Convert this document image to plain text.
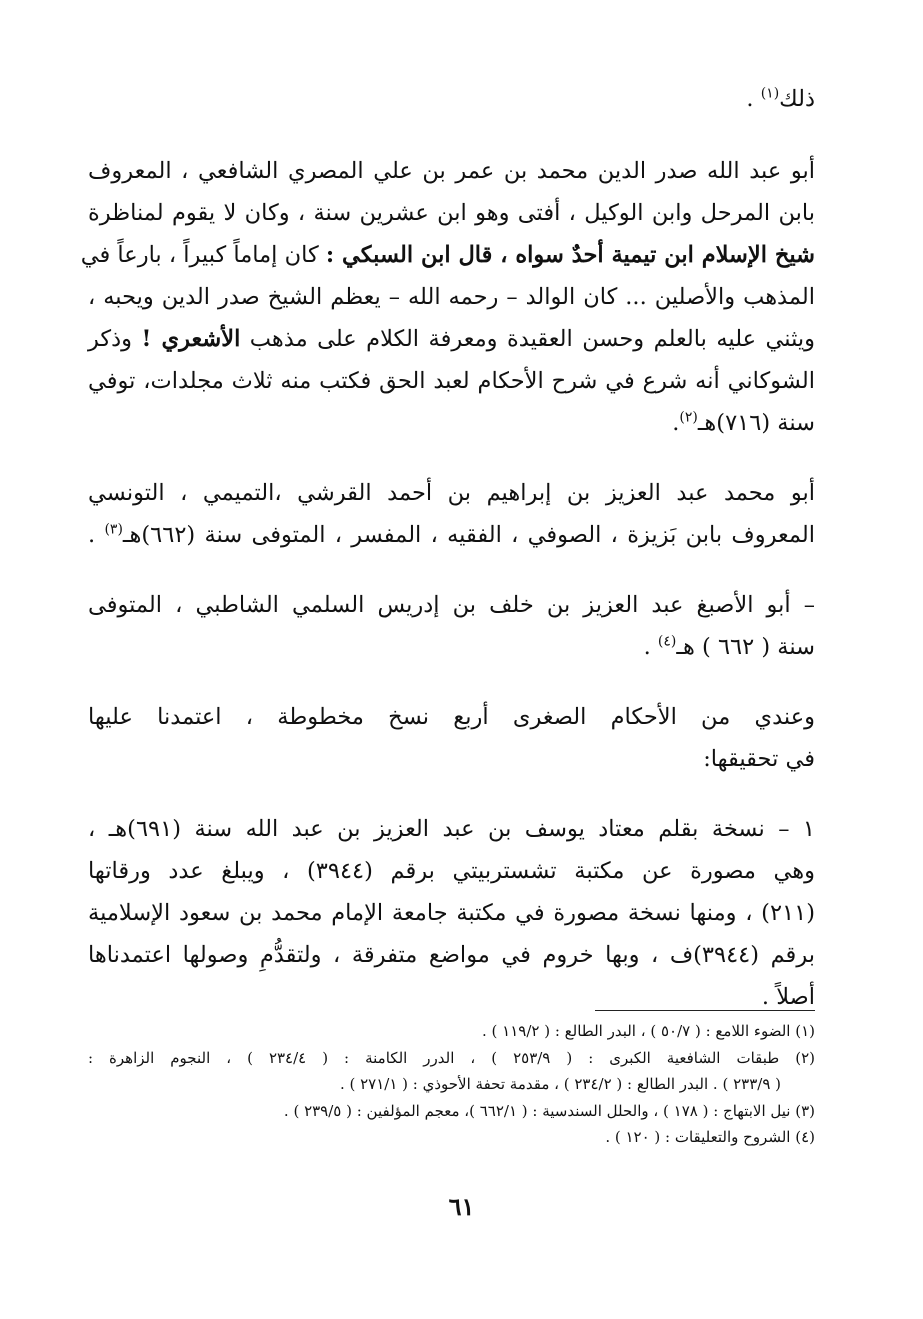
ذلك$^{(١)}$ .
أبو عبد الله صدر الدين محمد بن عمر بن علي المصري الشافعي ، المعروف
بابن المرحل وابن الوكيل ، أفتى وهو ابن عشرين سنة ، وكان لا يقوم لمناظرة
شيخ الإسلام ابن تيمية أحدٌ سواه ، قال ابن السبكي : كان إماماً كبيراً ، بارعاً في
المذهب والأصلين ... كان الوالد – رحمه الله – يعظم الشيخ صدر الدين ويحبه ،
ويثني عليه بالعلم وحسن العقيدة ومعرفة الكلام على مذهب الأشعري ! وذكر
الشوكاني أنه شرع في شرح الأحكام لعبد الحق فكتب منه ثلاث مجلدات، توفي
سنة (٧١٦)هـ$^{(٢)}$.
أبو محمد عبد العزيز بن إبراهيم بن أحمد القرشي ،التميمي ، التونسي
المعروف بابن بَزيزة ، الصوفي ، الفقيه ، المفسر ، المتوفى سنة (٦٦٢)هـ$^{(٣)}$ .
– أبو الأصبغ عبد العزيز بن خلف بن إدريس السلمي الشاطبي ، المتوفى
سنة ( ٦٦٢ ) هـ$^{(٤)}$ .
وعندي من الأحكام الصغرى أربع نسخ مخطوطة ، اعتمدنا عليها
في تحقيقها:
١ – نسخة بقلم معتاد يوسف بن عبد العزيز بن عبد الله سنة (٦٩١)هـ ،
وهي مصورة عن مكتبة تشستربيتي برقم (٣٩٤٤) ، ويبلغ عدد ورقاتها
(٢١١) ، ومنها نسخة مصورة في مكتبة جامعة الإمام محمد بن سعود الإسلامية
برقم (٣٩٤٤)ف ، وبها خروم في مواضع متفرقة ، ولتقدُّمِ وصولها اعتمدناها
أصلاً .
(١) الضوء اللامع : ( ٥٠/٧ ) ، البدر الطالع : ( ١١٩/٢ ) .
(٢) طبقات الشافعية الكبرى : ( ٢٥٣/٩ ) ، الدرر الكامنة : ( ٢٣٤/٤ ) ، النجوم الزاهرة :
( ٢٣٣/٩ ) . البدر الطالع : ( ٢٣٤/٢ ) ، مقدمة تحفة الأحوذي : ( ٢٧١/١ ) .
(٣) نيل الابتهاج : ( ١٧٨ ) ، والحلل السندسية : ( ٦٦٢/١ )، معجم المؤلفين : ( ٢٣٩/٥ ) .
(٤) الشروح والتعليقات : ( ١٢٠ ) .
٦١
